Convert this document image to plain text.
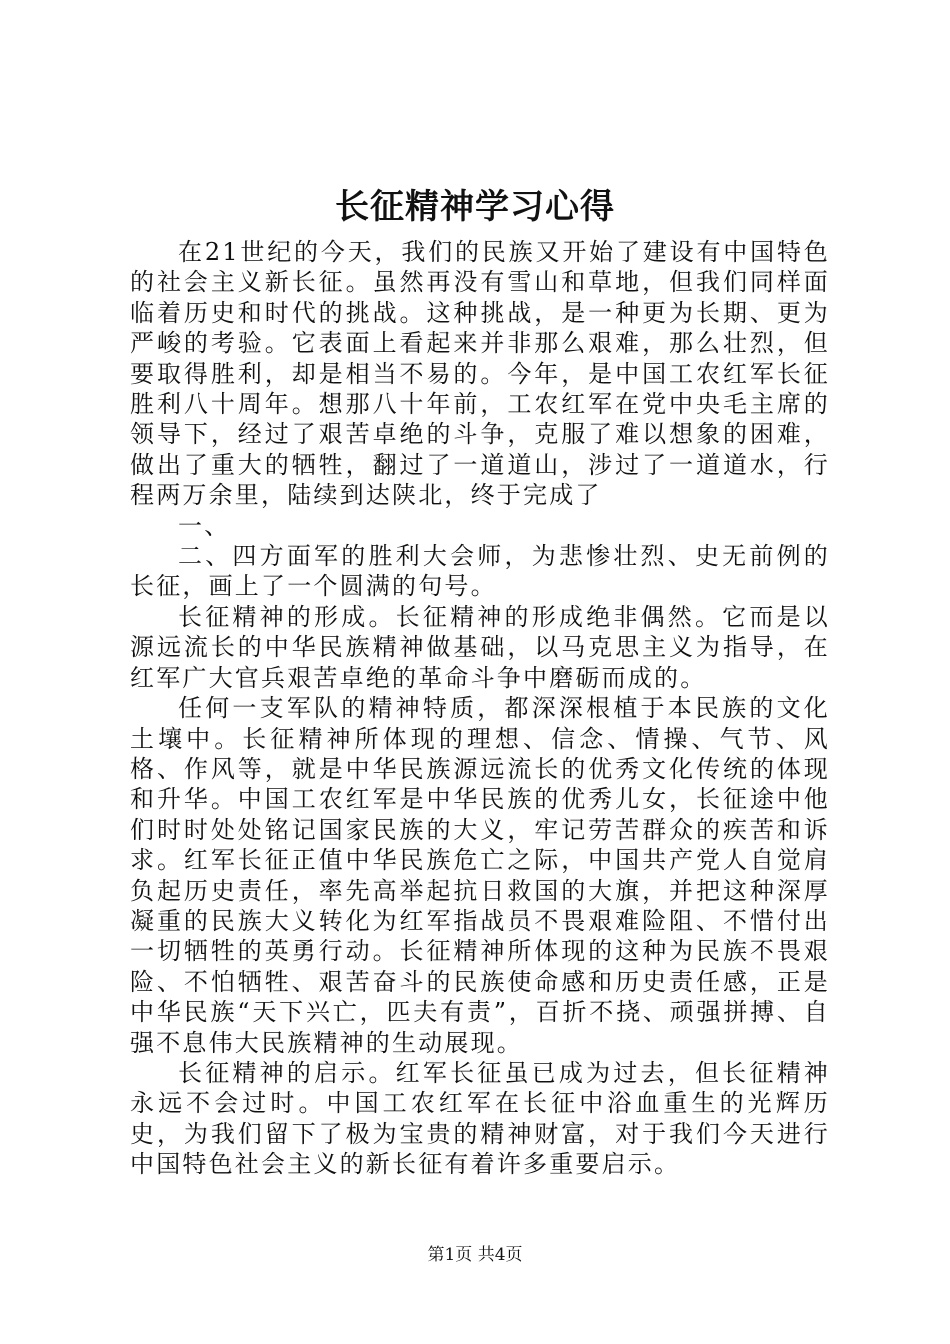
长征精神学习心得

在21世纪的今天，我们的民族又开始了建设有中国特色的社会主义新长征。虽然再没有雪山和草地，但我们同样面临着历史和时代的挑战。这种挑战，是一种更为长期、更为严峻的考验。它表面上看起来并非那么艰难，那么壮烈，但要取得胜利，却是相当不易的。今年，是中国工农红军长征胜利八十周年。想那八十年前，工农红军在党中央毛主席的领导下，经过了艰苦卓绝的斗争，克服了难以想象的困难，做出了重大的牺牲，翻过了一道道山，涉过了一道道水，行程两万余里，陆续到达陕北，终于完成了

一、

二、四方面军的胜利大会师，为悲惨壮烈、史无前例的长征，画上了一个圆满的句号。

长征精神的形成。长征精神的形成绝非偶然。它而是以源远流长的中华民族精神做基础，以马克思主义为指导，在红军广大官兵艰苦卓绝的革命斗争中磨砺而成的。

任何一支军队的精神特质，都深深根植于本民族的文化土壤中。长征精神所体现的理想、信念、情操、气节、风格、作风等，就是中华民族源远流长的优秀文化传统的体现和升华。中国工农红军是中华民族的优秀儿女，长征途中他们时时处处铭记国家民族的大义，牢记劳苦群众的疾苦和诉求。红军长征正值中华民族危亡之际，中国共产党人自觉肩负起历史责任，率先高举起抗日救国的大旗，并把这种深厚凝重的民族大义转化为红军指战员不畏艰难险阻、不惜付出一切牺牲的英勇行动。长征精神所体现的这种为民族不畏艰险、不怕牺牲、艰苦奋斗的民族使命感和历史责任感，正是中华民族“天下兴亡，匹夫有责”，百折不挠、顽强拼搏、自强不息伟大民族精神的生动展现。

长征精神的启示。红军长征虽已成为过去，但长征精神永远不会过时。中国工农红军在长征中浴血重生的光辉历史，为我们留下了极为宝贵的精神财富，对于我们今天进行中国特色社会主义的新长征有着许多重要启示。

第1页 共4页
